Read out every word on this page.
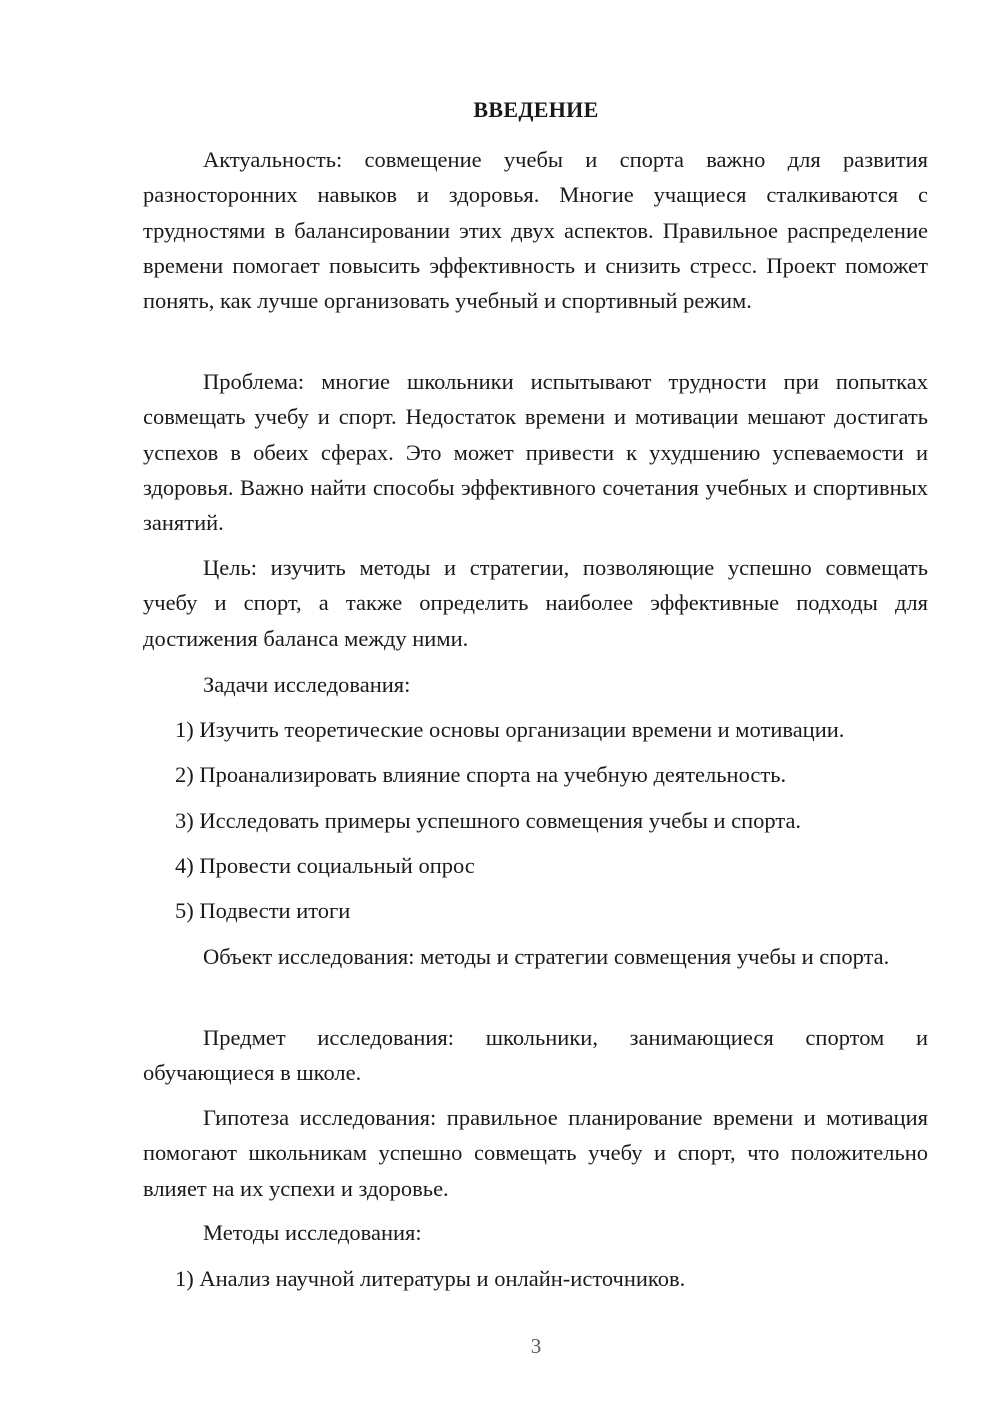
ВВЕДЕНИЕ

Актуальность: совмещение учебы и спорта важно для развития разносторонних навыков и здоровья. Многие учащиеся сталкиваются с трудностями в балансировании этих двух аспектов. Правильное распределение времени помогает повысить эффективность и снизить стресс. Проект поможет понять, как лучше организовать учебный и спортивный режим.

Проблема: многие школьники испытывают трудности при попытках совмещать учебу и спорт. Недостаток времени и мотивации мешают достигать успехов в обеих сферах. Это может привести к ухудшению успеваемости и здоровья. Важно найти способы эффективного сочетания учебных и спортивных занятий.

Цель: изучить методы и стратегии, позволяющие успешно совмещать учебу и спорт, а также определить наиболее эффективные подходы для достижения баланса между ними.

Задачи исследования:
1) Изучить теоретические основы организации времени и мотивации.
2) Проанализировать влияние спорта на учебную деятельность.
3) Исследовать примеры успешного совмещения учебы и спорта.
4) Провести социальный опрос
5) Подвести итоги

Объект исследования: методы и стратегии совмещения учебы и спорта.

Предмет исследования: школьники, занимающиеся спортом и обучающиеся в школе.

Гипотеза исследования: правильное планирование времени и мотивация помогают школьникам успешно совмещать учебу и спорт, что положительно влияет на их успехи и здоровье.

Методы исследования:
1) Анализ научной литературы и онлайн-источников.
3
